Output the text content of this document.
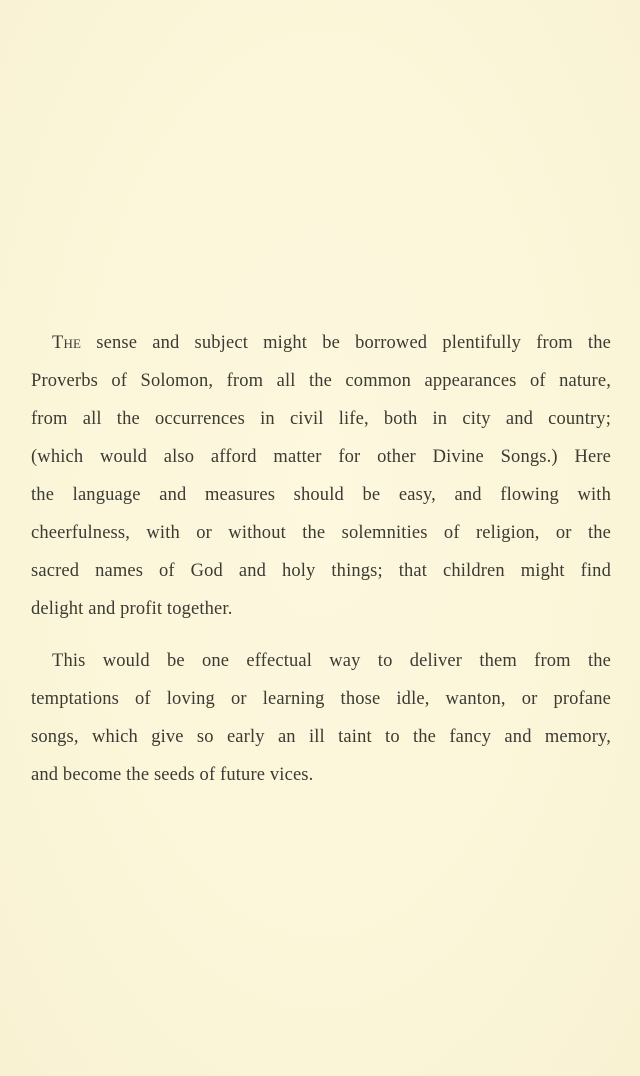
The sense and subject might be borrowed plentifully from the
Proverbs of Solomon, from all the common appearances of nature,
from all the occurrences in civil life, both in city and country;
(which would also afford matter for other Divine Songs.) Here
the language and measures should be easy, and flowing with
cheerfulness, with or without the solemnities of religion, or the
sacred names of God and holy things; that children might find
delight and profit together.
This would be one effectual way to deliver them from the
temptations of loving or learning those idle, wanton, or profane
songs, which give so early an ill taint to the fancy and memory,
and become the seeds of future vices.
